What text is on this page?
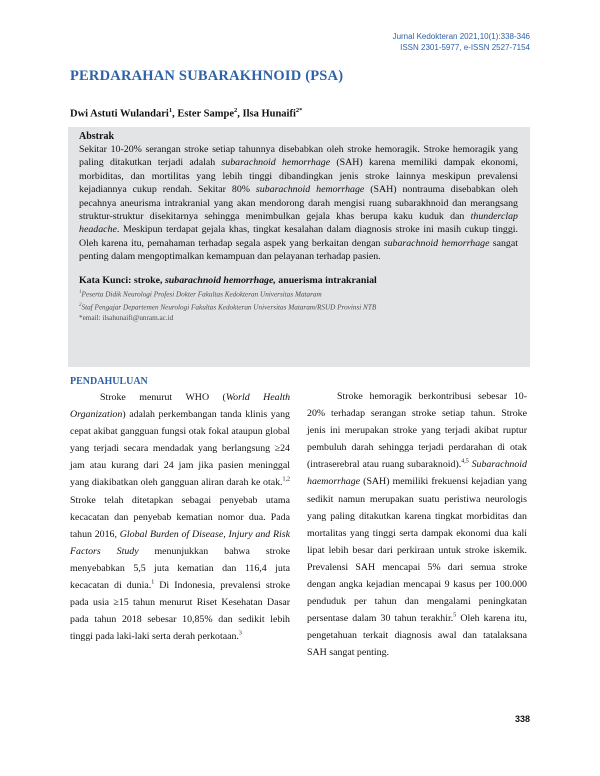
Jurnal Kedokteran 2021,10(1):338-346
ISSN 2301-5977, e-ISSN 2527-7154
PERDARAHAN SUBARAKHNOID (PSA)
Dwi Astuti Wulandari$^1$, Ester Sampe$^2$, Ilsa Hunaifi$^{2*}$
Abstrak
Sekitar 10-20% serangan stroke setiap tahunnya disebabkan oleh stroke hemoragik. Stroke hemoragik yang paling ditakutkan terjadi adalah subarachnoid hemorrhage (SAH) karena memiliki dampak ekonomi, morbiditas, dan mortilitas yang lebih tinggi dibandingkan jenis stroke lainnya meskipun prevalensi kejadiannya cukup rendah. Sekitar 80% subarachnoid hemorrhage (SAH) nontrauma disebabkan oleh pecahnya aneurisma intrakranial yang akan mendorong darah mengisi ruang subarakhnoid dan merangsang struktur-struktur disekitarnya sehingga menimbulkan gejala khas berupa kaku kuduk dan thunderclap headache. Meskipun terdapat gejala khas, tingkat kesalahan dalam diagnosis stroke ini masih cukup tinggi. Oleh karena itu, pemahaman terhadap segala aspek yang berkaitan dengan subarachnoid hemorrhage sangat penting dalam mengoptimalkan kemampuan dan pelayanan terhadap pasien.
Kata Kunci: stroke, subarachnoid hemorrhage, anuerisma intrakranial
$^1$Peserta Didik Neurologi Profesi Dokter Fakultas Kedokteran Universitas Mataram
$^2$Staf Pengajar Departemen Neurologi Fakultas Kedokteran Universitas Mataram/RSUD Provinsi NTB
*email: ilsahunaifi@unram.ac.id
PENDAHULUAN

Stroke menurut WHO (World Health Organization) adalah perkembangan tanda klinis yang cepat akibat gangguan fungsi otak fokal ataupun global yang terjadi secara mendadak yang berlangsung ≥24 jam atau kurang dari 24 jam jika pasien meninggal yang diakibatkan oleh gangguan aliran darah ke otak.$^{1,2}$ Stroke telah ditetapkan sebagai penyebab utama kecacatan dan penyebab kematian nomor dua. Pada tahun 2016, Global Burden of Disease, Injury and Risk Factors Study menunjukkan bahwa stroke menyebabkan 5,5 juta kematian dan 116,4 juta kecacatan di dunia.$^1$ Di Indonesia, prevalensi stroke pada usia ≥15 tahun menurut Riset Kesehatan Dasar pada tahun 2018 sebesar 10,85% dan sedikit lebih tinggi pada laki-laki serta derah perkotaan.$^3$

Stroke hemoragik berkontribusi sebesar 10-20% terhadap serangan stroke setiap tahun. Stroke jenis ini merupakan stroke yang terjadi akibat ruptur pembuluh darah sehingga terjadi perdarahan di otak (intraserebral atau ruang subaraknoid).$^{4,5}$ Subarachnoid haemorrhage (SAH) memiliki frekuensi kejadian yang sedikit namun merupakan suatu peristiwa neurologis yang paling ditakutkan karena tingkat morbiditas dan mortalitas yang tinggi serta dampak ekonomi dua kali lipat lebih besar dari perkiraan untuk stroke iskemik. Prevalensi SAH mencapai 5% dari semua stroke dengan angka kejadian mencapai 9 kasus per 100.000 penduduk per tahun dan mengalami peningkatan persentase dalam 30 tahun terakhir.$^5$ Oleh karena itu, pengetahuan terkait diagnosis awal dan tatalaksana SAH sangat penting.

338
